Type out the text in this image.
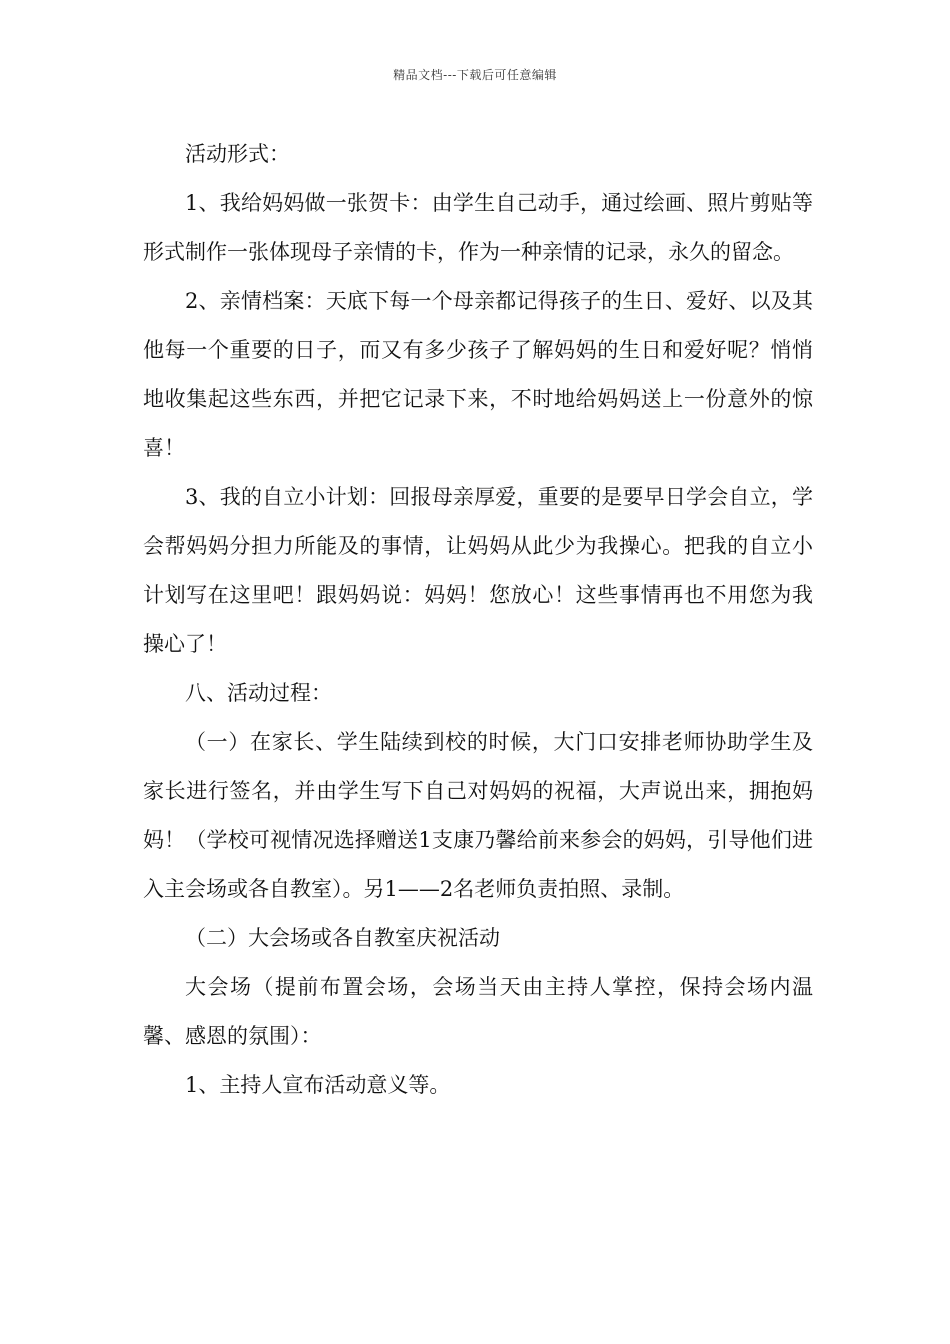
精品文档---下载后可任意编辑

活动形式：

1、我给妈妈做一张贺卡：由学生自己动手，通过绘画、照片剪贴等形式制作一张体现母子亲情的卡，作为一种亲情的记录，永久的留念。

2、亲情档案：天底下每一个母亲都记得孩子的生日、爱好、以及其他每一个重要的日子，而又有多少孩子了解妈妈的生日和爱好呢？悄悄地收集起这些东西，并把它记录下来，不时地给妈妈送上一份意外的惊喜！

3、我的自立小计划：回报母亲厚爱，重要的是要早日学会自立，学会帮妈妈分担力所能及的事情，让妈妈从此少为我操心。把我的自立小计划写在这里吧！跟妈妈说：妈妈！您放心！这些事情再也不用您为我操心了！

八、活动过程：

（一）在家长、学生陆续到校的时候，大门口安排老师协助学生及家长进行签名，并由学生写下自己对妈妈的祝福，大声说出来，拥抱妈妈！（学校可视情况选择赠送1支康乃馨给前来参会的妈妈，引导他们进入主会场或各自教室）。另1——2名老师负责拍照、录制。

（二）大会场或各自教室庆祝活动

大会场（提前布置会场，会场当天由主持人掌控，保持会场内温馨、感恩的氛围）：

1、主持人宣布活动意义等。
